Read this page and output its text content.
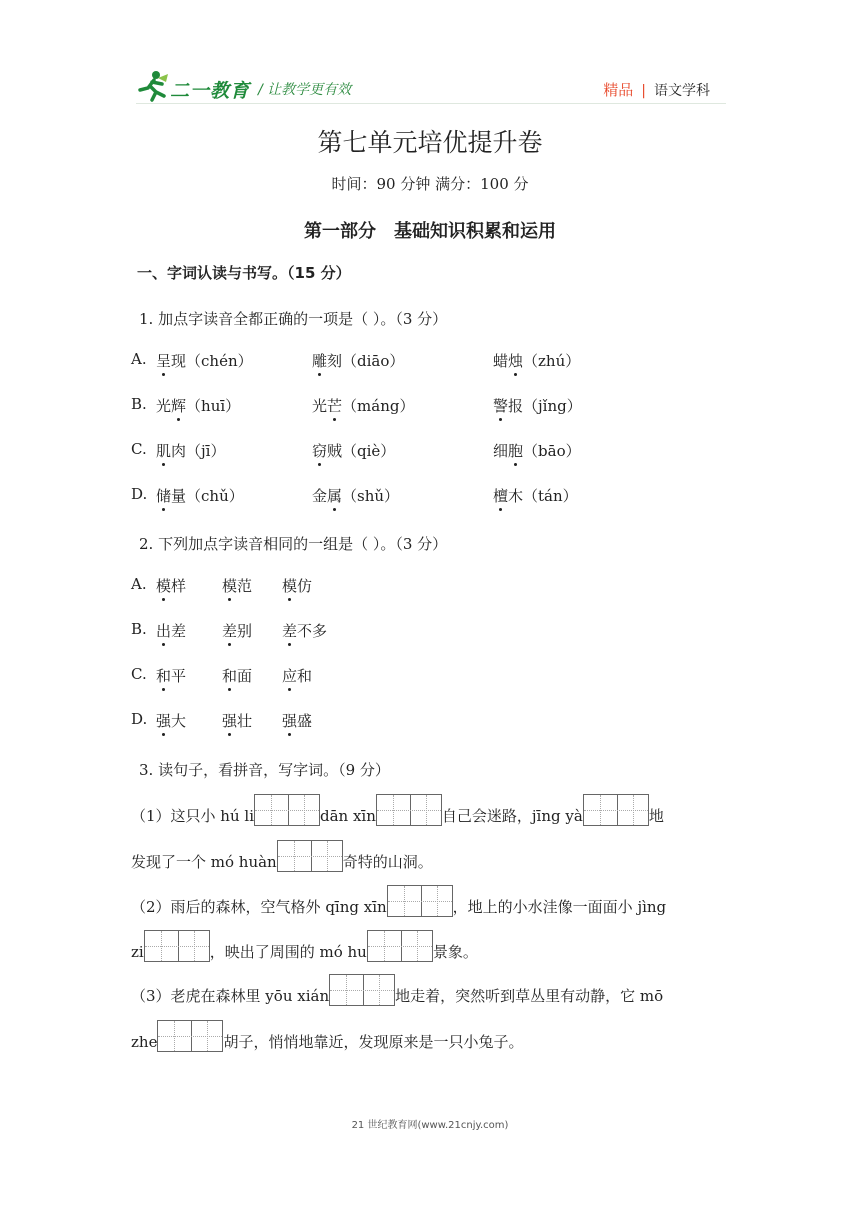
二一教育 / 让教学更有效	精品 | 语文学科
第七单元培优提升卷
时间：90 分钟 满分：100 分
第一部分　基础知识积累和运用
一、字词认读与书写。（15 分）
1. 加点字读音全都正确的一项是（ ）。（3 分）
A. 呈现（chén）	雕刻（diāo）	蜡烛（zhú）
B. 光辉（huī）	光芒（máng）	警报（jǐng）
C. 肌肉（jī）	窃贼（qiè）	细胞（bāo）
D. 储量（chǔ）	金属（shǔ）	檀木（tán）
2. 下列加点字读音相同的一组是（ ）。（3 分）
A. 模样 模范 模仿
B. 出差 差别 差不多
C. 和平 和面 应和
D. 强大 强壮 强盛
3. 读句子，看拼音，写字词。（9 分）
（1）这只小 hú li	dān xīn	自己会迷路，jīng yà	地
发现了一个 mó huàn	奇特的山洞。
（2）雨后的森林，空气格外 qīng xīn	，地上的小水洼像一面面小 jìng
zi	，映出了周围的 mó hu	景象。
（3）老虎在森林里 yōu xián	地走着，突然听到草丛里有动静，它 mō
zhe	胡子，悄悄地靠近，发现原来是一只小兔子。
21 世纪教育网(www.21cnjy.com)
